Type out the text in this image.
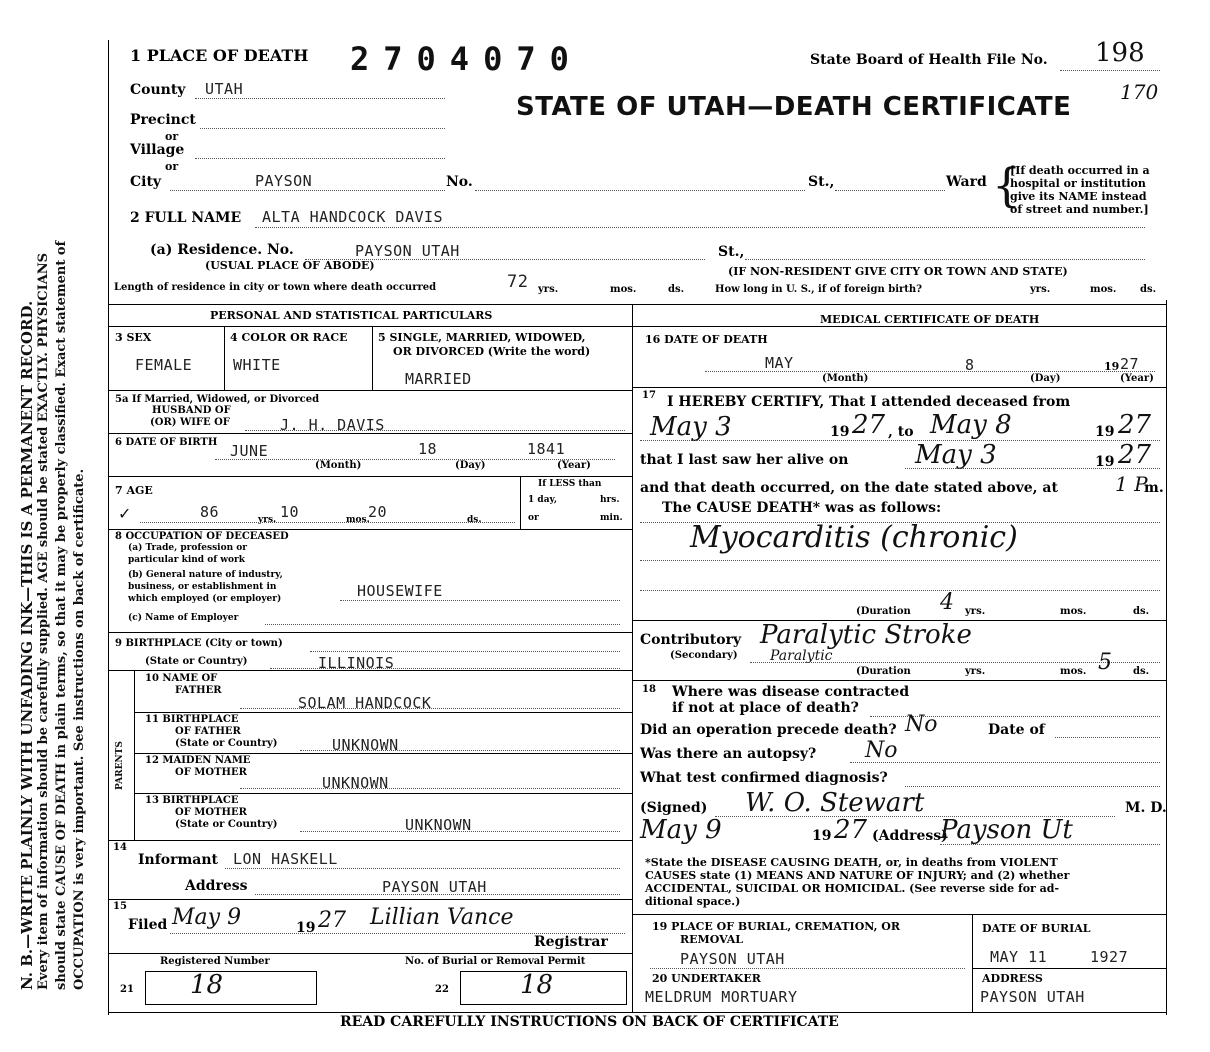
N. B.—WRITE PLAINLY WITH UNFADING INK—THIS IS A PERMANENT RECORD. Every item of information should be carefully supplied. AGE should be stated EXACTLY. PHYSICIANS should state CAUSE OF DEATH in plain terms, so that it may be properly classified. Exact statement of OCCUPATION is very important. See instructions on back of certificate.
1 PLACE OF DEATH 2704070	State Board of Health File No. 198
170
STATE OF UTAH—DEATH CERTIFICATE
County UTAH
Precinct
or
Village
or
City	PAYSON	No.	St.,	Ward {
[If death occurred in a
hospital or institution
give its NAME instead
of street and number.]
2 FULL NAME ALTA HANDCOCK DAVIS
(a) Residence. No.	PAYSON UTAH	St.,
(USUAL PLACE OF ABODE)	(IF NON-RESIDENT GIVE CITY OR TOWN AND STATE)
Length of residence in city or town where death occurred	72 yrs.	mos.	ds.	How long in U. S., if of foreign birth?	yrs.	mos. ds.
PERSONAL AND STATISTICAL PARTICULARS	MEDICAL CERTIFICATE OF DEATH
3 SEX
FEMALE
4 COLOR OR RACE
WHITE
5 SINGLE, MARRIED, WIDOWED,
OR DIVORCED (Write the word)
MARRIED
5a If Married, Widowed, or Divorced
HUSBAND OF
(OR) WIFE OF	J. H. DAVIS
6 DATE OF BIRTH JUNE	18	1841
(Month)	(Day)	(Year)
7 AGE
✓	86	yrs. 10	mos.
20	ds.
If LESS than
1 day,	hrs.
or	min.
8 OCCUPATION OF DECEASED
(a) Trade, profession or
particular kind of work
(b) General nature of industry,
business, or establishment in
which employed (or employer)
(c) Name of Employer
HOUSEWIFE
9 BIRTHPLACE (City or town)
(State or Country)	ILLINOIS
PARENTS
10 NAME OF
FATHER
SOLAM HANDCOCK
11 BIRTHPLACE
OF FATHER
(State or Country)	UNKNOWN
12 MAIDEN NAME
OF MOTHER
UNKNOWN
13 BIRTHPLACE
OF MOTHER
(State or Country)	UNKNOWN
14
Informant LON HASKELL
Address	PAYSON UTAH
15
Filed May 9	19 27 Lillian Vance
Registrar
Registered Number	No. of Burial or Removal Permit
21 18	22	18
16 DATE OF DEATH
MAY	8	19 27
(Month)	(Day)	(Year)
17 I HEREBY CERTIFY, That I attended deceased from
May 3	19 27 , to May 8	19 27
that I last saw her alive on	May 3	19 27
and that death occurred, on the date stated above, at	1 P
m.
The CAUSE DEATH* was as follows:
Myocarditis (chronic)
(Duration 4 yrs.	mos.	ds.
Contributory
(Secondary)
Paralytic Stroke
Paralytic
(Duration	yrs.	mos. 5 ds.
18 Where was disease contracted
if not at place of death?
Did an operation precede death? No	Date of
Was there an autopsy? No
What test confirmed diagnosis?
(Signed) W. O. Stewart	M. D.
May 9	19 27 (Address)
Payson Ut
*State the DISEASE CAUSING DEATH, or, in deaths from VIOLENT
CAUSES state (1) MEANS AND NATURE OF INJURY; and (2) whether
ACCIDENTAL, SUICIDAL OR HOMICIDAL. (See reverse side for ad-
ditional space.)
19 PLACE OF BURIAL, CREMATION, OR
REMOVAL
PAYSON UTAH
20 UNDERTAKER
MELDRUM MORTUARY
DATE OF BURIAL
MAY 11	1927
ADDRESS
PAYSON UTAH
READ CAREFULLY INSTRUCTIONS ON BACK OF CERTIFICATE
